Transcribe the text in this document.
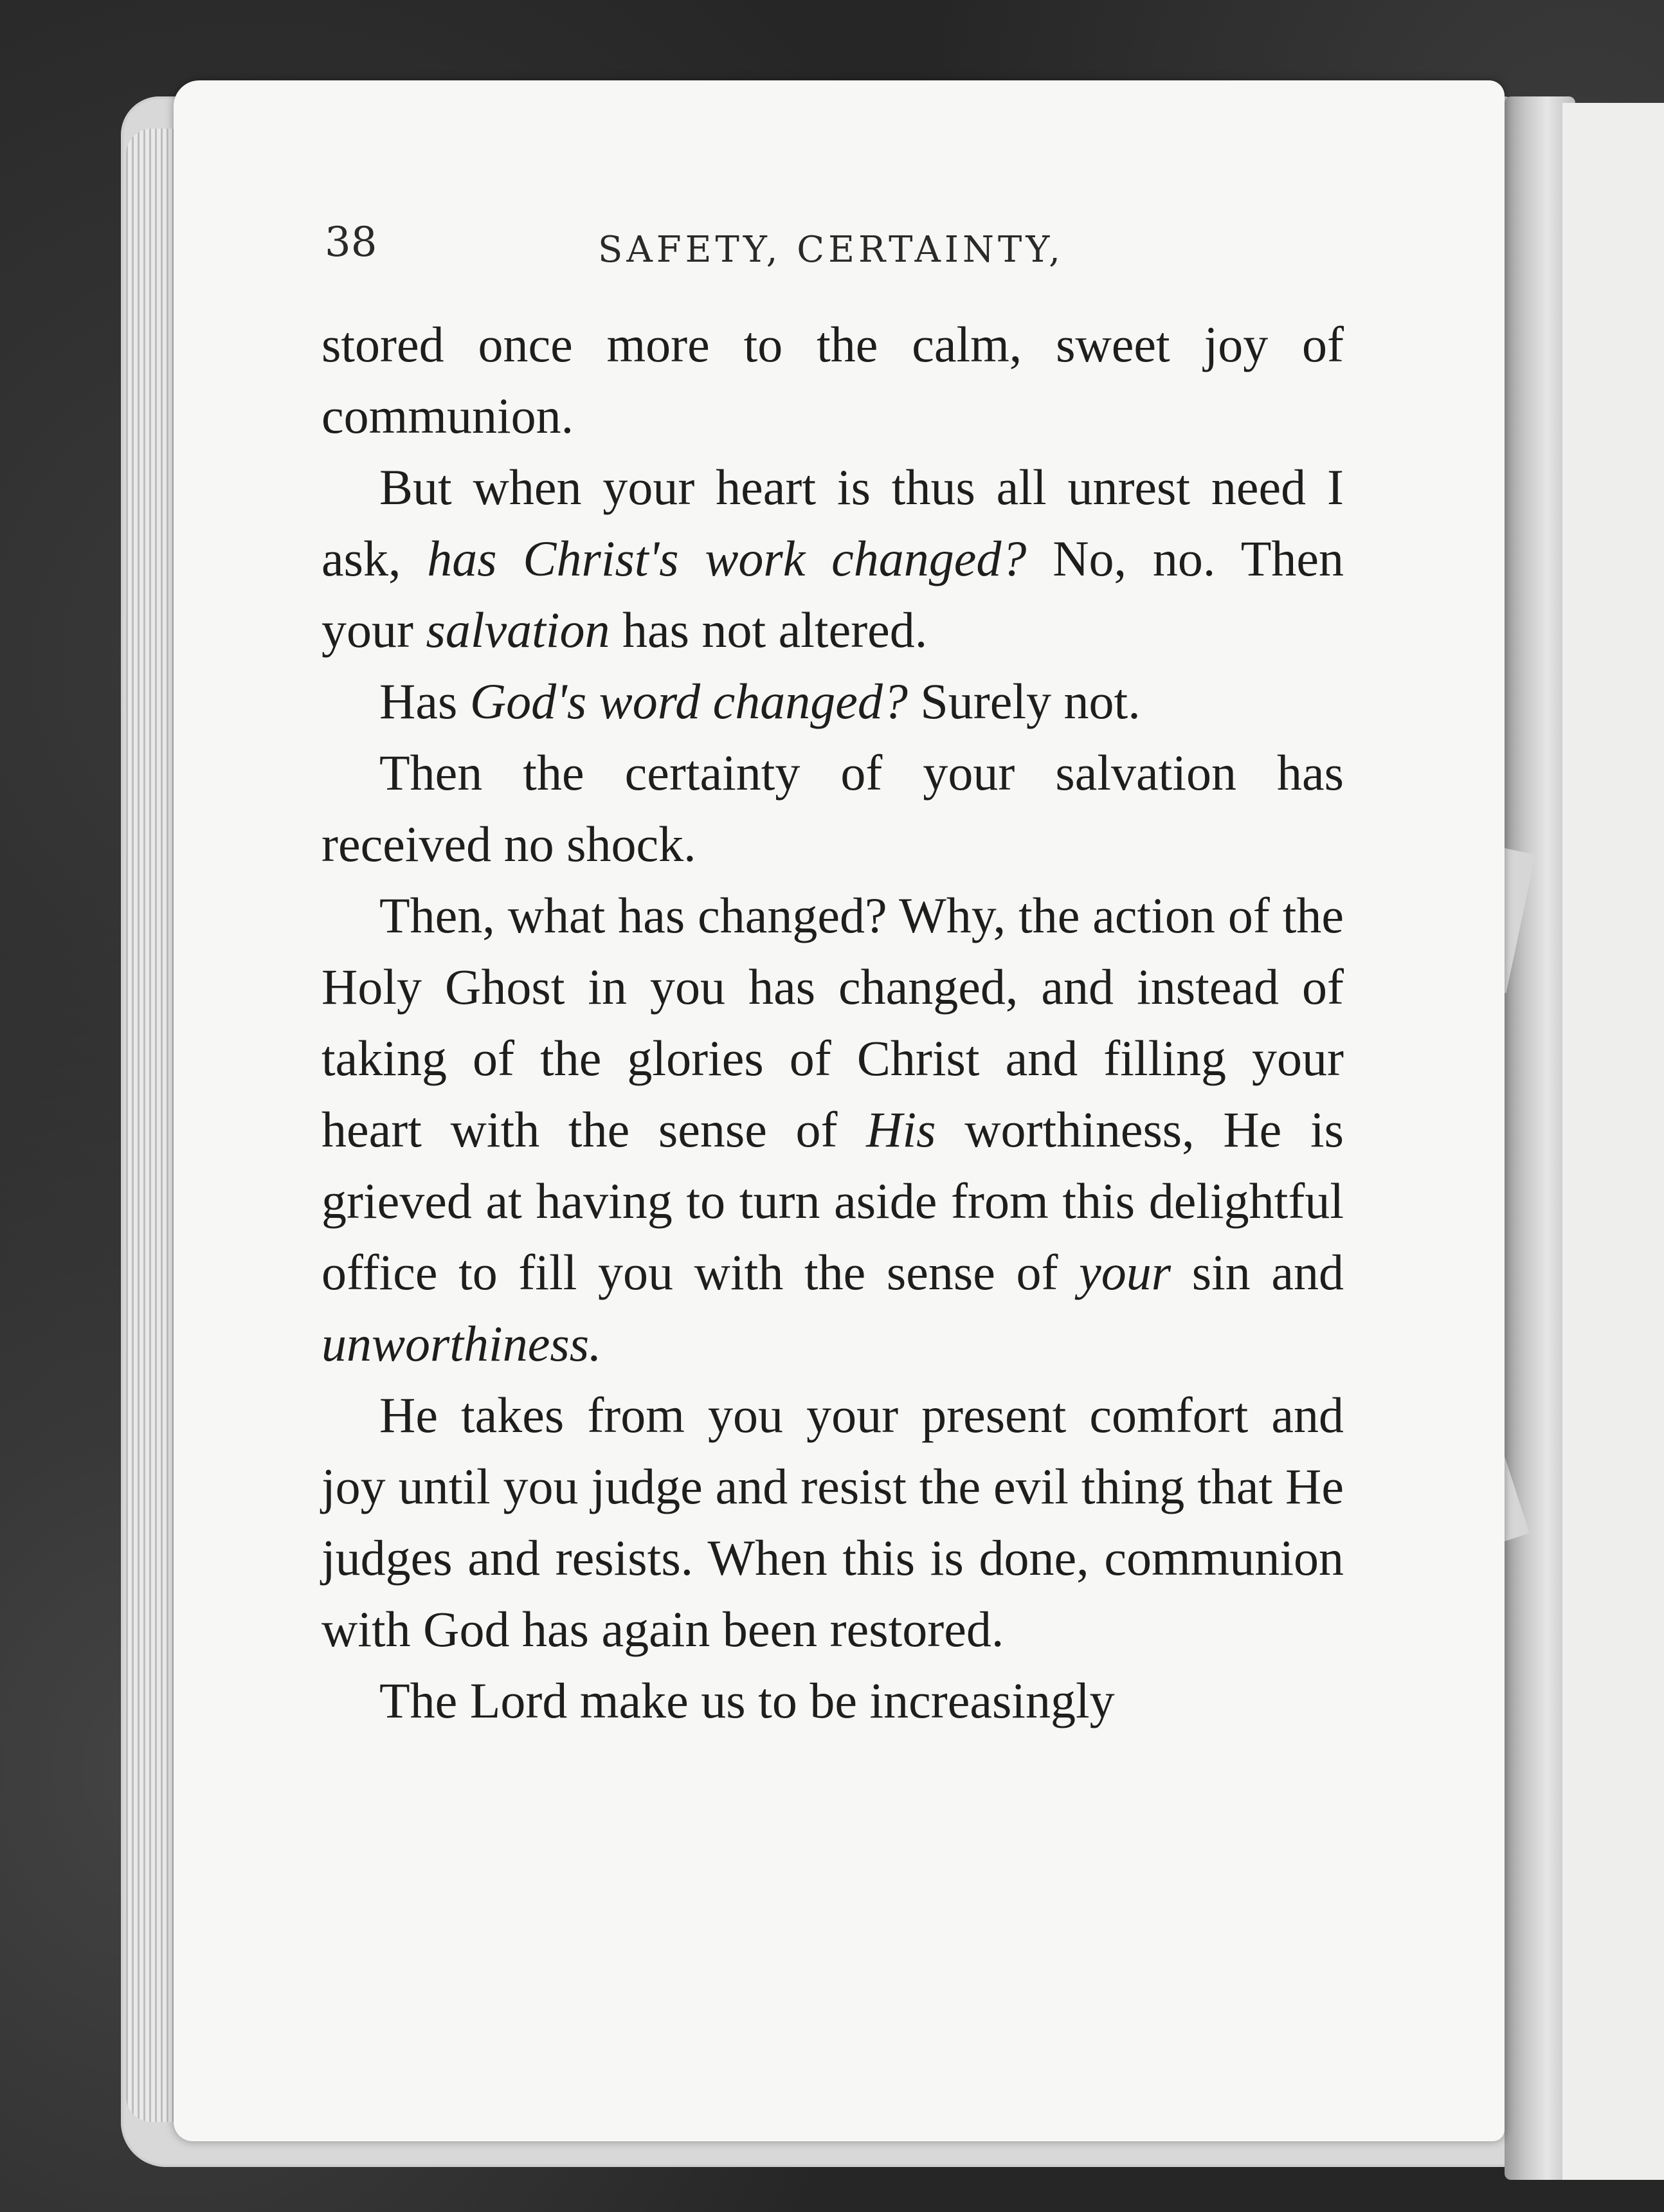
38	SAFETY, CERTAINTY,

stored once more to the calm, sweet joy of communion.

But when your heart is thus all unrest need I ask, has Christ's work changed? No, no. Then your salvation has not altered.

Has God's word changed? Surely not.

Then the certainty of your salvation has received no shock.

Then, what has changed? Why, the action of the Holy Ghost in you has changed, and instead of taking of the glories of Christ and filling your heart with the sense of His worthiness, He is grieved at having to turn aside from this delightful office to fill you with the sense of your sin and unworthiness.

He takes from you your present comfort and joy until you judge and resist the evil thing that He judges and resists. When this is done, communion with God has again been restored.

The Lord make us to be increasingly
